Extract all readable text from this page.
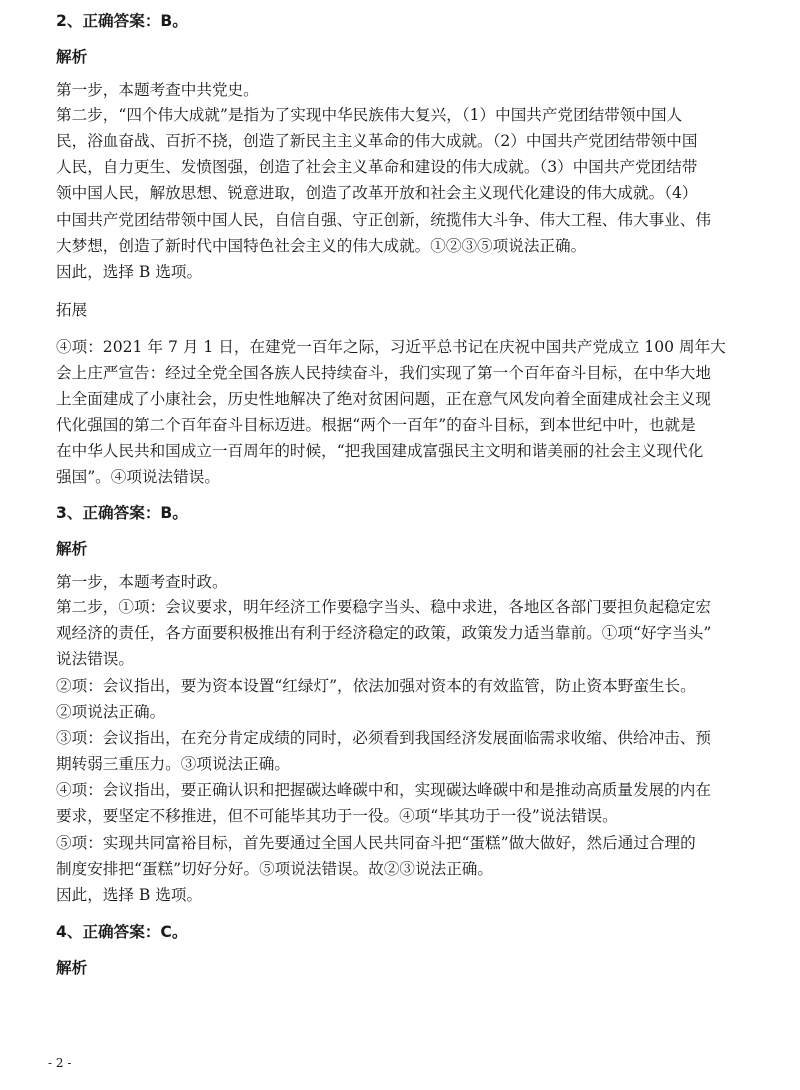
2、正确答案：B。
解析
第一步，本题考查中共党史。
第二步，“四个伟大成就”是指为了实现中华民族伟大复兴，（1）中国共产党团结带领中国人
民，浴血奋战、百折不挠，创造了新民主主义革命的伟大成就。（2）中国共产党团结带领中国
人民，自力更生、发愤图强，创造了社会主义革命和建设的伟大成就。（3）中国共产党团结带
领中国人民，解放思想、锐意进取，创造了改革开放和社会主义现代化建设的伟大成就。（4）
中国共产党团结带领中国人民，自信自强、守正创新，统揽伟大斗争、伟大工程、伟大事业、伟
大梦想，创造了新时代中国特色社会主义的伟大成就。①②③⑤项说法正确。
因此，选择 B 选项。
拓展
④项：2021 年 7 月 1 日，在建党一百年之际，习近平总书记在庆祝中国共产党成立 100 周年大
会上庄严宣告：经过全党全国各族人民持续奋斗，我们实现了第一个百年奋斗目标，在中华大地
上全面建成了小康社会，历史性地解决了绝对贫困问题，正在意气风发向着全面建成社会主义现
代化强国的第二个百年奋斗目标迈进。根据“两个一百年”的奋斗目标，到本世纪中叶，也就是
在中华人民共和国成立一百周年的时候，“把我国建成富强民主文明和谐美丽的社会主义现代化
强国”。④项说法错误。
3、正确答案：B。
解析
第一步，本题考查时政。
第二步，①项：会议要求，明年经济工作要稳字当头、稳中求进，各地区各部门要担负起稳定宏
观经济的责任，各方面要积极推出有利于经济稳定的政策，政策发力适当靠前。①项“好字当头”
说法错误。
②项：会议指出，要为资本设置“红绿灯”，依法加强对资本的有效监管，防止资本野蛮生长。
②项说法正确。
③项：会议指出，在充分肯定成绩的同时，必须看到我国经济发展面临需求收缩、供给冲击、预
期转弱三重压力。③项说法正确。
④项：会议指出，要正确认识和把握碳达峰碳中和，实现碳达峰碳中和是推动高质量发展的内在
要求，要坚定不移推进，但不可能毕其功于一役。④项“毕其功于一役”说法错误。
⑤项：实现共同富裕目标，首先要通过全国人民共同奋斗把“蛋糕”做大做好，然后通过合理的
制度安排把“蛋糕”切好分好。⑤项说法错误。故②③说法正确。
因此，选择 B 选项。
4、正确答案：C。
解析
- 2 -
